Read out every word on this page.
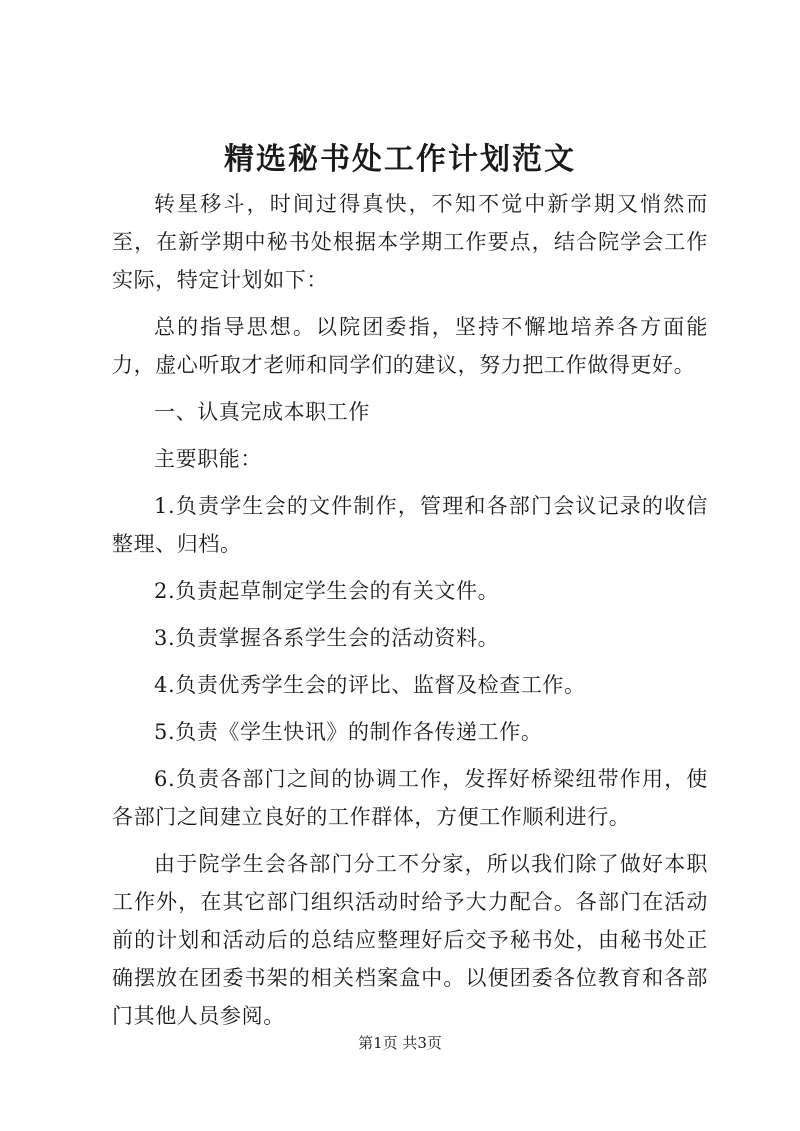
精选秘书处工作计划范文

转星移斗，时间过得真快，不知不觉中新学期又悄然而至，在新学期中秘书处根据本学期工作要点，结合院学会工作实际，特定计划如下：

总的指导思想。以院团委指，坚持不懈地培养各方面能力，虚心听取才老师和同学们的建议，努力把工作做得更好。

一、认真完成本职工作

主要职能：

1.负责学生会的文件制作，管理和各部门会议记录的收信整理、归档。

2.负责起草制定学生会的有关文件。

3.负责掌握各系学生会的活动资料。

4.负责优秀学生会的评比、监督及检查工作。

5.负责《学生快讯》的制作各传递工作。

6.负责各部门之间的协调工作，发挥好桥梁纽带作用，使各部门之间建立良好的工作群体，方便工作顺利进行。

由于院学生会各部门分工不分家，所以我们除了做好本职工作外，在其它部门组织活动时给予大力配合。各部门在活动前的计划和活动后的总结应整理好后交予秘书处，由秘书处正确摆放在团委书架的相关档案盒中。以便团委各位教育和各部门其他人员参阅。

第1页 共3页
